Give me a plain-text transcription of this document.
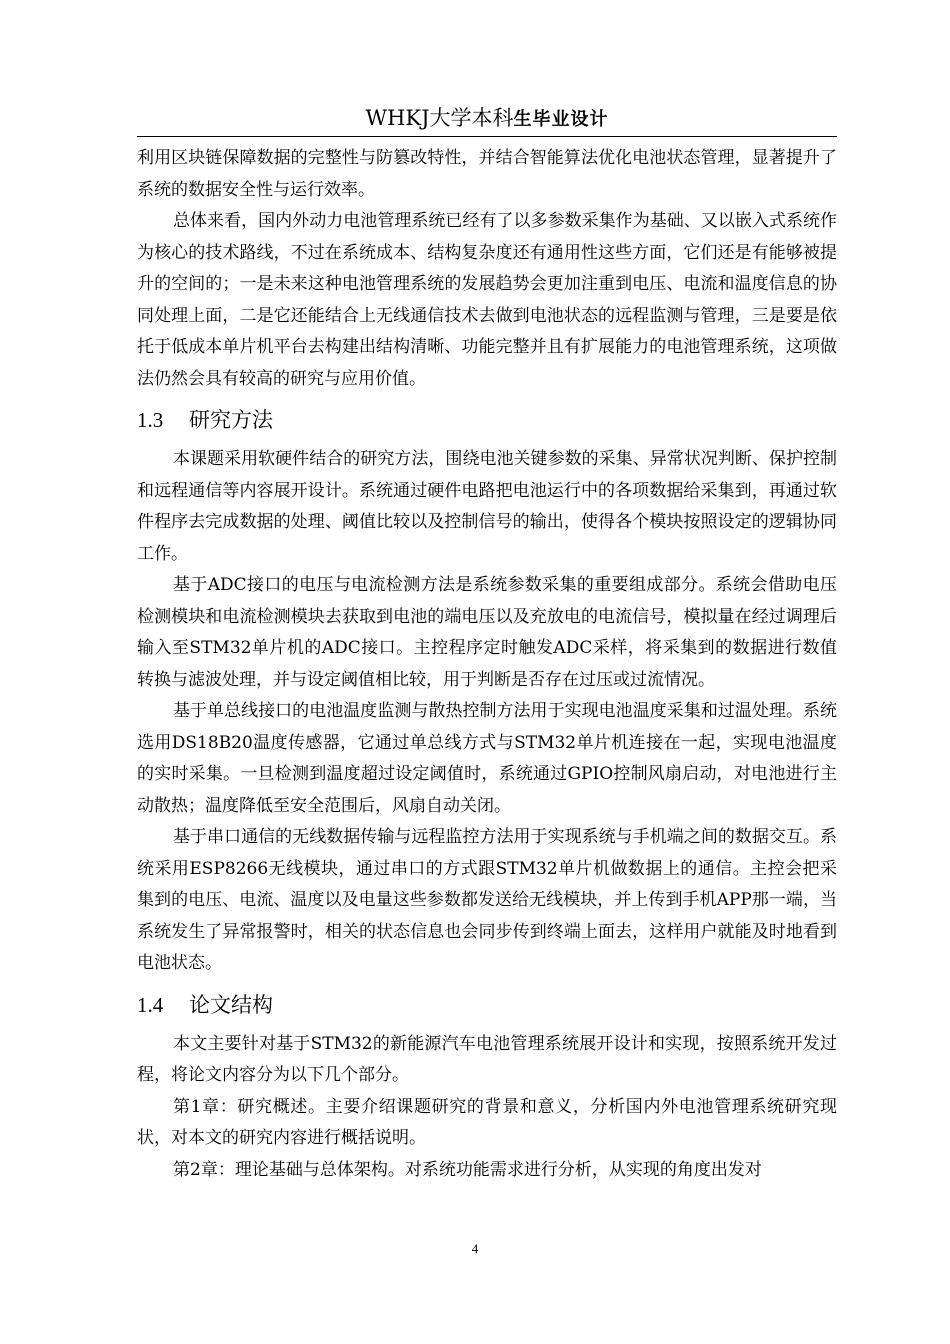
WHKJ大学本科生毕业设计

利用区块链保障数据的完整性与防篡改特性，并结合智能算法优化电池状态管理，显著提升了系统的数据安全性与运行效率。

总体来看，国内外动力电池管理系统已经有了以多参数采集作为基础、又以嵌入式系统作为核心的技术路线，不过在系统成本、结构复杂度还有通用性这些方面，它们还是有能够被提升的空间的；一是未来这种电池管理系统的发展趋势会更加注重到电压、电流和温度信息的协同处理上面，二是它还能结合上无线通信技术去做到电池状态的远程监测与管理，三是要是依托于低成本单片机平台去构建出结构清晰、功能完整并且有扩展能力的电池管理系统，这项做法仍然会具有较高的研究与应用价值。

1.3 研究方法

本课题采用软硬件结合的研究方法，围绕电池关键参数的采集、异常状况判断、保护控制和远程通信等内容展开设计。系统通过硬件电路把电池运行中的各项数据给采集到，再通过软件程序去完成数据的处理、阈值比较以及控制信号的输出，使得各个模块按照设定的逻辑协同工作。

基于ADC接口的电压与电流检测方法是系统参数采集的重要组成部分。系统会借助电压检测模块和电流检测模块去获取到电池的端电压以及充放电的电流信号，模拟量在经过调理后输入至STM32单片机的ADC接口。主控程序定时触发ADC采样，将采集到的数据进行数值转换与滤波处理，并与设定阈值相比较，用于判断是否存在过压或过流情况。

基于单总线接口的电池温度监测与散热控制方法用于实现电池温度采集和过温处理。系统选用DS18B20温度传感器，它通过单总线方式与STM32单片机连接在一起，实现电池温度的实时采集。一旦检测到温度超过设定阈值时，系统通过GPIO控制风扇启动，对电池进行主动散热；温度降低至安全范围后，风扇自动关闭。

基于串口通信的无线数据传输与远程监控方法用于实现系统与手机端之间的数据交互。系统采用ESP8266无线模块，通过串口的方式跟STM32单片机做数据上的通信。主控会把采集到的电压、电流、温度以及电量这些参数都发送给无线模块，并上传到手机APP那一端，当系统发生了异常报警时，相关的状态信息也会同步传到终端上面去，这样用户就能及时地看到电池状态。

1.4 论文结构

本文主要针对基于STM32的新能源汽车电池管理系统展开设计和实现，按照系统开发过程，将论文内容分为以下几个部分。

第1章：研究概述。主要介绍课题研究的背景和意义，分析国内外电池管理系统研究现状，对本文的研究内容进行概括说明。

第2章：理论基础与总体架构。对系统功能需求进行分析，从实现的角度出发对

4
